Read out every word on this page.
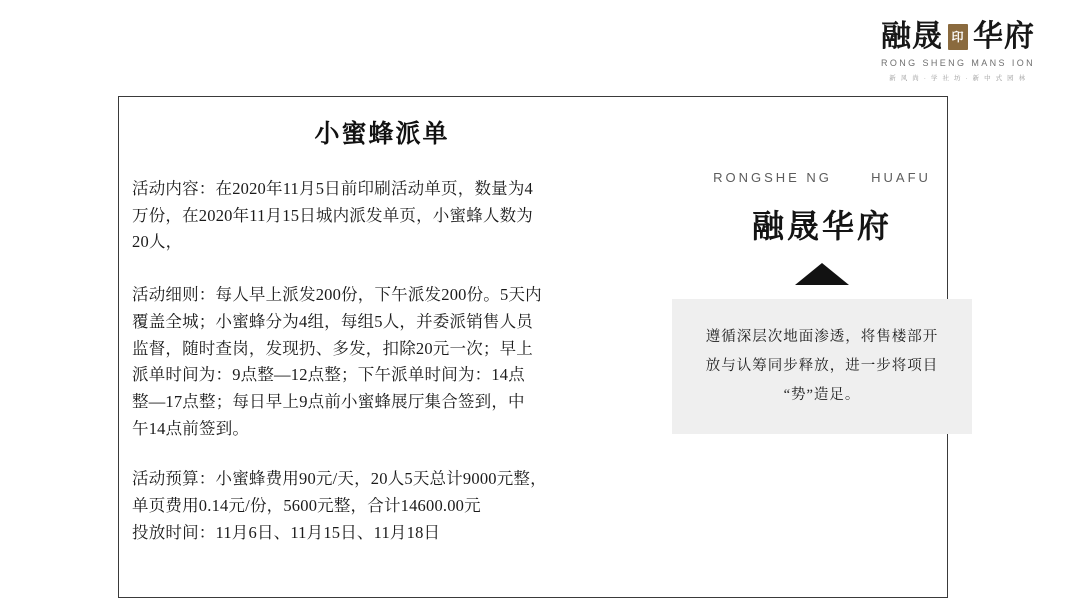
融晟 印 华府
RONG SHENG MANS ION
新 风 尚 · 学 社 坊 · 新 中 式 园 林
小蜜蜂派单
活动内容：在2020年11月5日前印刷活动单页，数量为4
万份，在2020年11月15日城内派发单页，小蜜蜂人数为
20人，
活动细则：每人早上派发200份，下午派发200份。5天内
覆盖全城；小蜜蜂分为4组，每组5人，并委派销售人员
监督，随时查岗，发现扔、多发，扣除20元一次；早上
派单时间为：9点整—12点整；下午派单时间为：14点
整—17点整；每日早上9点前小蜜蜂展厅集合签到，中
午14点前签到。
活动预算：小蜜蜂费用90元/天，20人5天总计9000元整，
单页费用0.14元/份，5600元整，合计14600.00元
投放时间：11月6日、11月15日、11月18日
RONGSHE NG	HUAFU
融晟华府
遵循深层次地面渗透，将售楼部开
放与认筹同步释放，进一步将项目
“势”造足。
